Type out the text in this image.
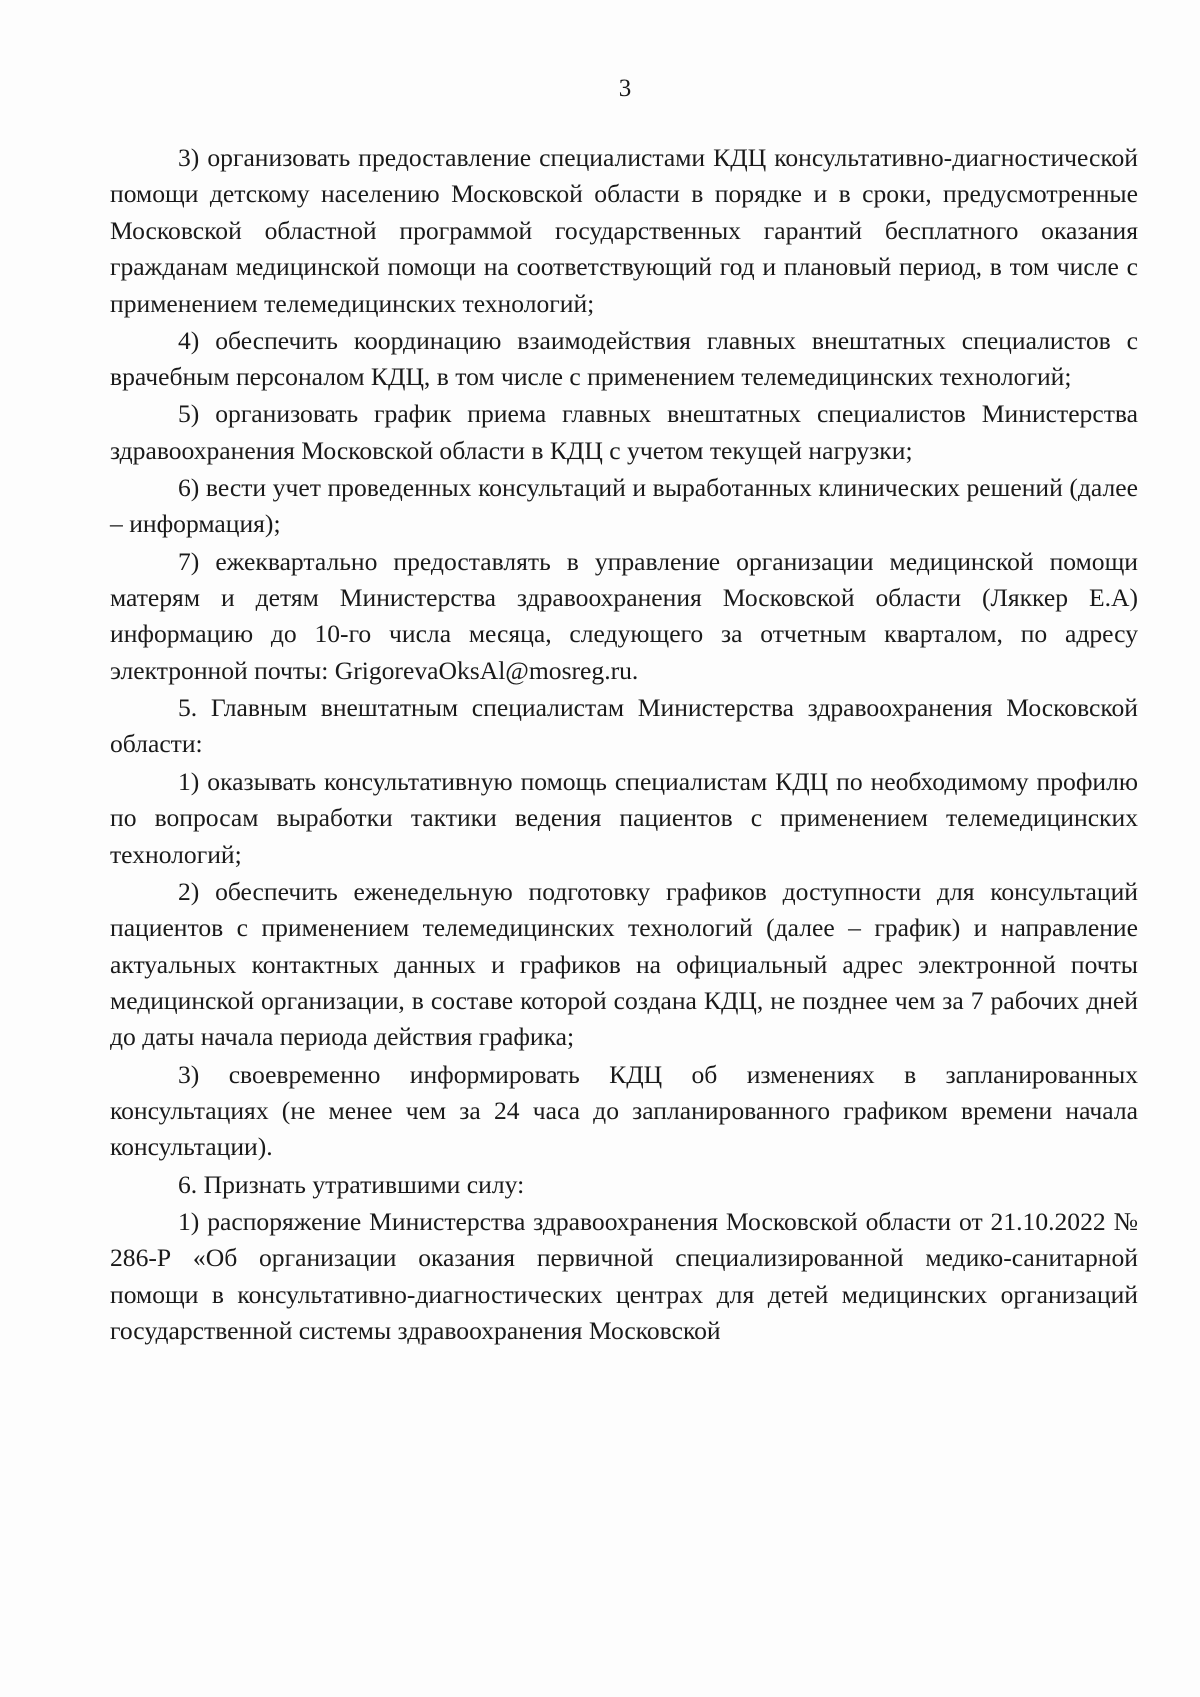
3

3) организовать предоставление специалистами КДЦ консультативно-диагностической помощи детскому населению Московской области в порядке и в сроки, предусмотренные Московской областной программой государственных гарантий бесплатного оказания гражданам медицинской помощи на соответствующий год и плановый период, в том числе с применением телемедицинских технологий;

4) обеспечить координацию взаимодействия главных внештатных специалистов с врачебным персоналом КДЦ, в том числе с применением телемедицинских технологий;

5) организовать график приема главных внештатных специалистов Министерства здравоохранения Московской области в КДЦ с учетом текущей нагрузки;

6) вести учет проведенных консультаций и выработанных клинических решений (далее – информация);

7) ежеквартально предоставлять в управление организации медицинской помощи матерям и детям Министерства здравоохранения Московской области (Ляккер Е.А) информацию до 10-го числа месяца, следующего за отчетным кварталом, по адресу электронной почты: GrigorevaOksAl@mosreg.ru.

5. Главным внештатным специалистам Министерства здравоохранения Московской области:

1) оказывать консультативную помощь специалистам КДЦ по необходимому профилю по вопросам выработки тактики ведения пациентов с применением телемедицинских технологий;

2) обеспечить еженедельную подготовку графиков доступности для консультаций пациентов с применением телемедицинских технологий (далее – график) и направление актуальных контактных данных и графиков на официальный адрес электронной почты медицинской организации, в составе которой создана КДЦ, не позднее чем за 7 рабочих дней до даты начала периода действия графика;

3) своевременно информировать КДЦ об изменениях в запланированных консультациях (не менее чем за 24 часа до запланированного графиком времени начала консультации).

6. Признать утратившими силу:

1) распоряжение Министерства здравоохранения Московской области от 21.10.2022 № 286-Р «Об организации оказания первичной специализированной медико-санитарной помощи в консультативно-диагностических центрах для детей медицинских организаций государственной системы здравоохранения Московской
